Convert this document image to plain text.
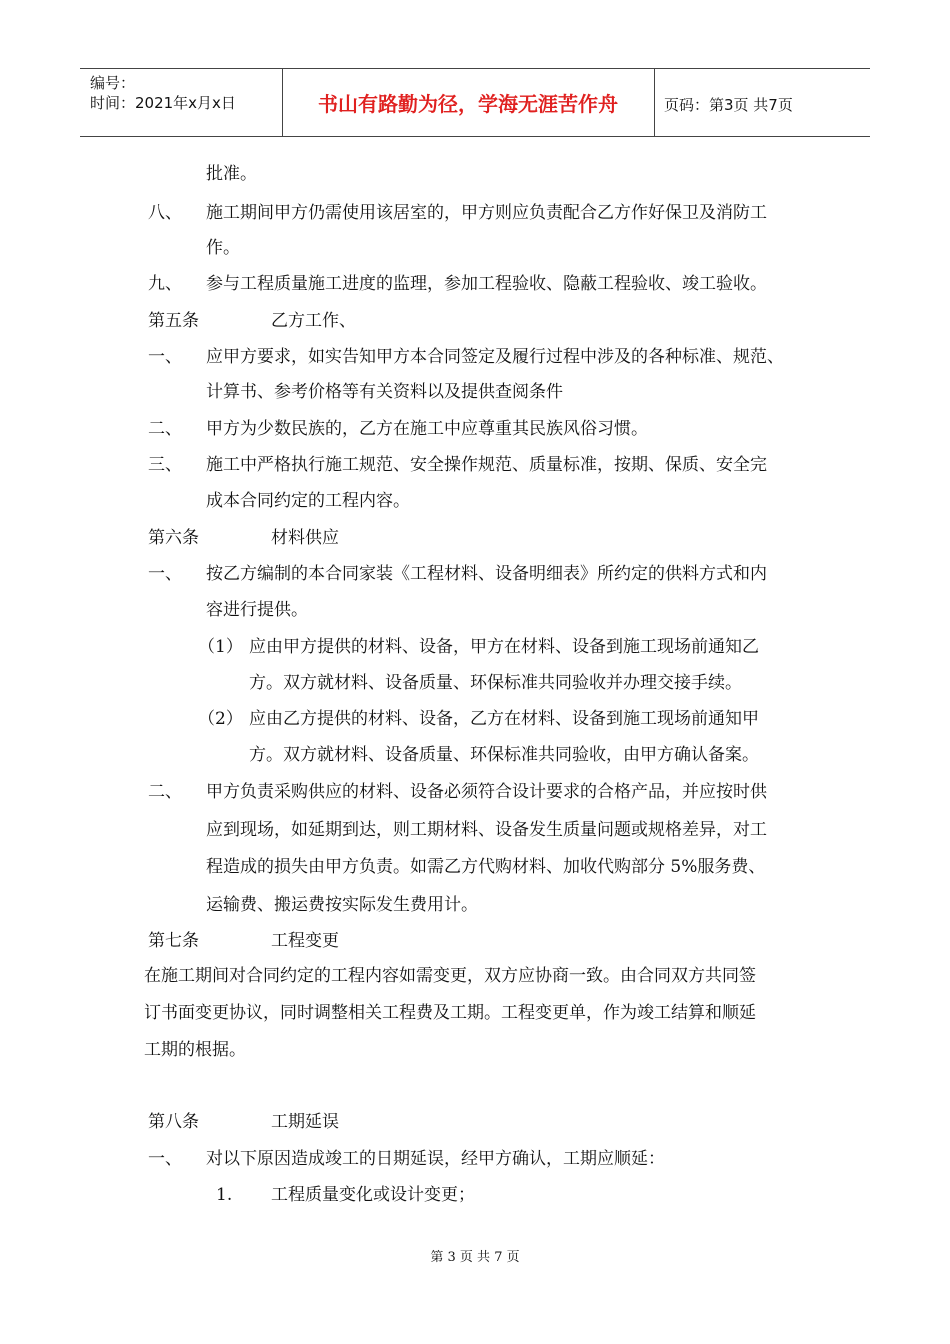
编号：
时间：2021年x月x日	书山有路勤为径，学海无涯苦作舟	页码：第3页 共7页
批准。
八、 施工期间甲方仍需使用该居室的，甲方则应负责配合乙方作好保卫及消防工
作。
九、 参与工程质量施工进度的监理，参加工程验收、隐蔽工程验收、竣工验收。
第五条	乙方工作、
一、 应甲方要求，如实告知甲方本合同签定及履行过程中涉及的各种标准、规范、
计算书、参考价格等有关资料以及提供查阅条件
二、 甲方为少数民族的，乙方在施工中应尊重其民族风俗习惯。
三、 施工中严格执行施工规范、安全操作规范、质量标准，按期、保质、安全完
成本合同约定的工程内容。
第六条	材料供应
一、 按乙方编制的本合同家装《工程材料、设备明细表》所约定的供料方式和内
容进行提供。
（1） 应由甲方提供的材料、设备，甲方在材料、设备到施工现场前通知乙
方。双方就材料、设备质量、环保标准共同验收并办理交接手续。
（2） 应由乙方提供的材料、设备，乙方在材料、设备到施工现场前通知甲
方。双方就材料、设备质量、环保标准共同验收，由甲方确认备案。
二、 甲方负责采购供应的材料、设备必须符合设计要求的合格产品，并应按时供
应到现场，如延期到达，则工期材料、设备发生质量问题或规格差异，对工
程造成的损失由甲方负责。如需乙方代购材料、加收代购部分 5%服务费、
运输费、搬运费按实际发生费用计。
第七条	工程变更
在施工期间对合同约定的工程内容如需变更，双方应协商一致。由合同双方共同签
订书面变更协议，同时调整相关工程费及工期。工程变更单，作为竣工结算和顺延
工期的根据。
第八条	工期延误
一、 对以下原因造成竣工的日期延误，经甲方确认，工期应顺延：
1. 工程质量变化或设计变更；
第 3 页 共 7 页
